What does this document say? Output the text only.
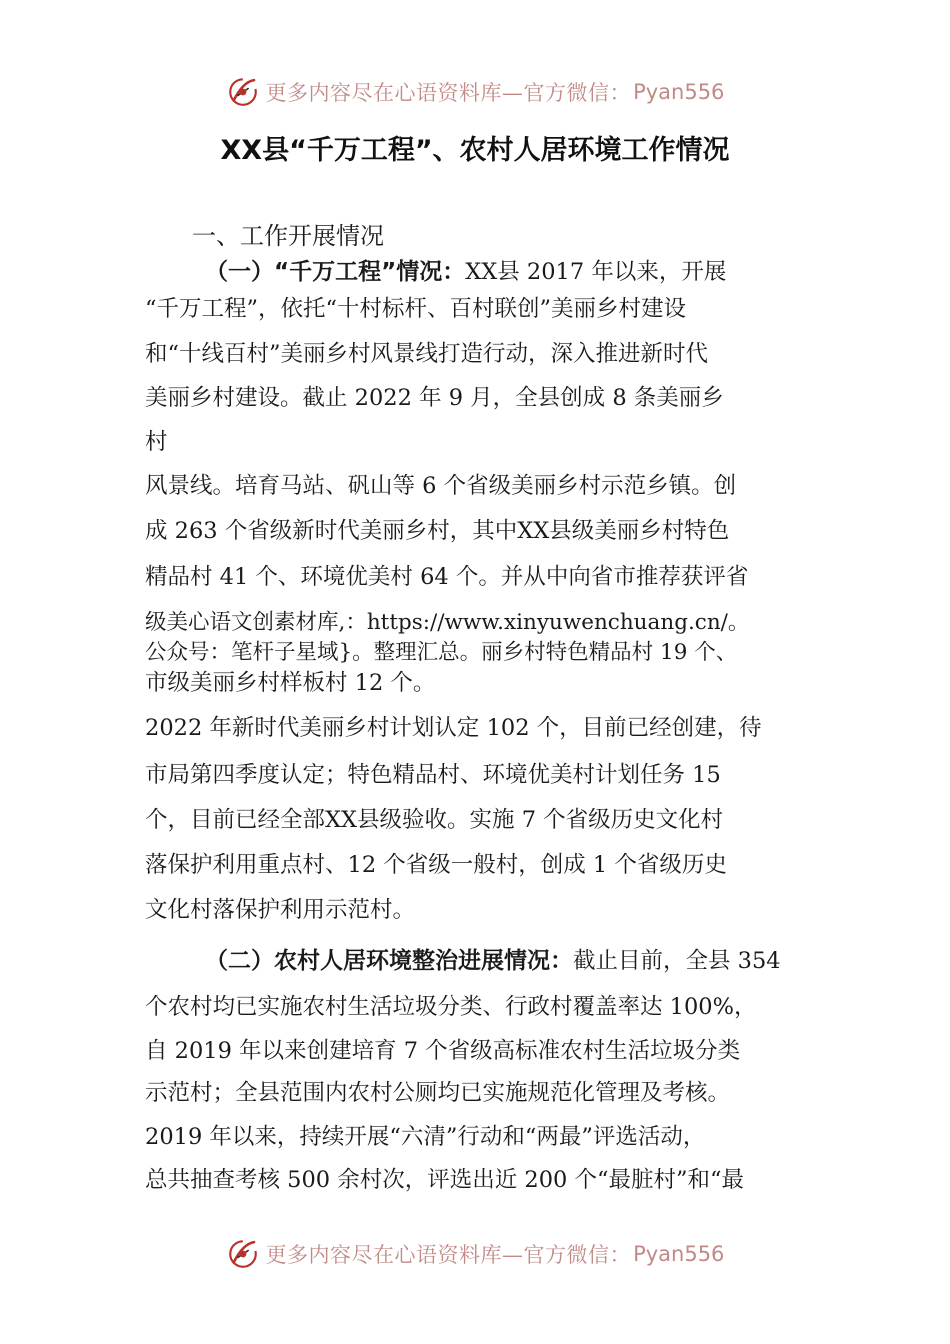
更多内容尽在心语资料库—官方微信： Pyan556
XX县“千万工程”、农村人居环境工作情况
一、工作开展情况
（一）“千万工程”情况：XX县 2017 年以来，开展
“千万工程”，依托“十村标杆、百村联创”美丽乡村建设
和“十线百村”美丽乡村风景线打造行动，深入推进新时代
美丽乡村建设。截止 2022 年 9 月，全县创成 8 条美丽乡
村
风景线。培育马站、矾山等 6 个省级美丽乡村示范乡镇。创
成 263 个省级新时代美丽乡村，其中XX县级美丽乡村特色
精品村 41 个、环境优美村 64 个。并从中向省市推荐获评省
级美心语文创素材库,：https://www.xinyuwenchuang.cn/。
公众号：笔杆子星域}。整理汇总。丽乡村特色精品村 19 个、
市级美丽乡村样板村 12 个。
2022 年新时代美丽乡村计划认定 102 个，目前已经创建，待
市局第四季度认定；特色精品村、环境优美村计划任务 15
个，目前已经全部XX县级验收。实施 7 个省级历史文化村
落保护利用重点村、12 个省级一般村，创成 1 个省级历史
文化村落保护利用示范村。
（二）农村人居环境整治进展情况：截止目前，全县 354
个农村均已实施农村生活垃圾分类、行政村覆盖率达 100%，
自 2019 年以来创建培育 7 个省级高标准农村生活垃圾分类
示范村；全县范围内农村公厕均已实施规范化管理及考核。
2019 年以来，持续开展“六清”行动和“两最”评选活动，
总共抽查考核 500 余村次，评选出近 200 个“最脏村”和“最
更多内容尽在心语资料库—官方微信： Pyan556
